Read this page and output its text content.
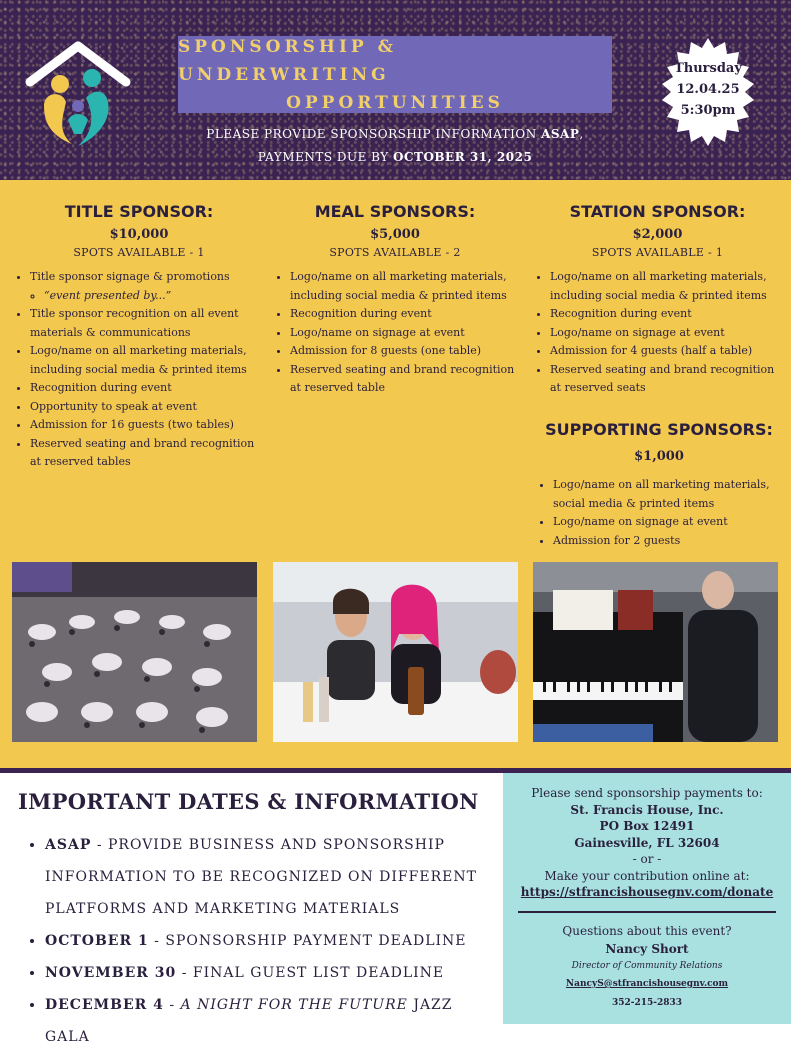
SPONSORSHIP & UNDERWRITING
OPPORTUNITIES
Thursday
12.04.25
5:30pm
PLEASE PROVIDE SPONSORSHIP INFORMATION ASAP,
PAYMENTS DUE BY OCTOBER 31, 2025
TITLE SPONSOR:
$10,000
SPOTS AVAILABLE - 1
• Title sponsor signage & promotions
◦ “event presented by...”
• Title sponsor recognition on all event materials & communications
• Logo/name on all marketing materials, including social media & printed items
• Recognition during event
• Opportunity to speak at event
• Admission for 16 guests (two tables)
• Reserved seating and brand recognition at reserved tables
MEAL SPONSORS:
$5,000
SPOTS AVAILABLE - 2
• Logo/name on all marketing materials, including social media & printed items
• Recognition during event
• Logo/name on signage at event
• Admission for 8 guests (one table)
• Reserved seating and brand recognition at reserved table
STATION SPONSOR:
$2,000
SPOTS AVAILABLE - 1
• Logo/name on all marketing materials, including social media & printed items
• Recognition during event
• Logo/name on signage at event
• Admission for 4 guests (half a table)
• Reserved seating and brand recognition at reserved seats
SUPPORTING SPONSORS:
$1,000
• Logo/name on all marketing materials, social media & printed items
• Logo/name on signage at event
• Admission for 2 guests
IMPORTANT DATES & INFORMATION
• ASAP - PROVIDE BUSINESS AND SPONSORSHIP INFORMATION TO BE RECOGNIZED ON DIFFERENT PLATFORMS AND MARKETING MATERIALS
• OCTOBER 1 - SPONSORSHIP PAYMENT DEADLINE
• NOVEMBER 30 - FINAL GUEST LIST DEADLINE
• DECEMBER 4 - A NIGHT FOR THE FUTURE JAZZ GALA
Please send sponsorship payments to:
St. Francis House, Inc.
PO Box 12491
Gainesville, FL 32604
- or -
Make your contribution online at:
https://stfrancishousegnv.com/donate
Questions about this event?
Nancy Short
Director of Community Relations
NancyS@stfrancishousegnv.com
352-215-2833
